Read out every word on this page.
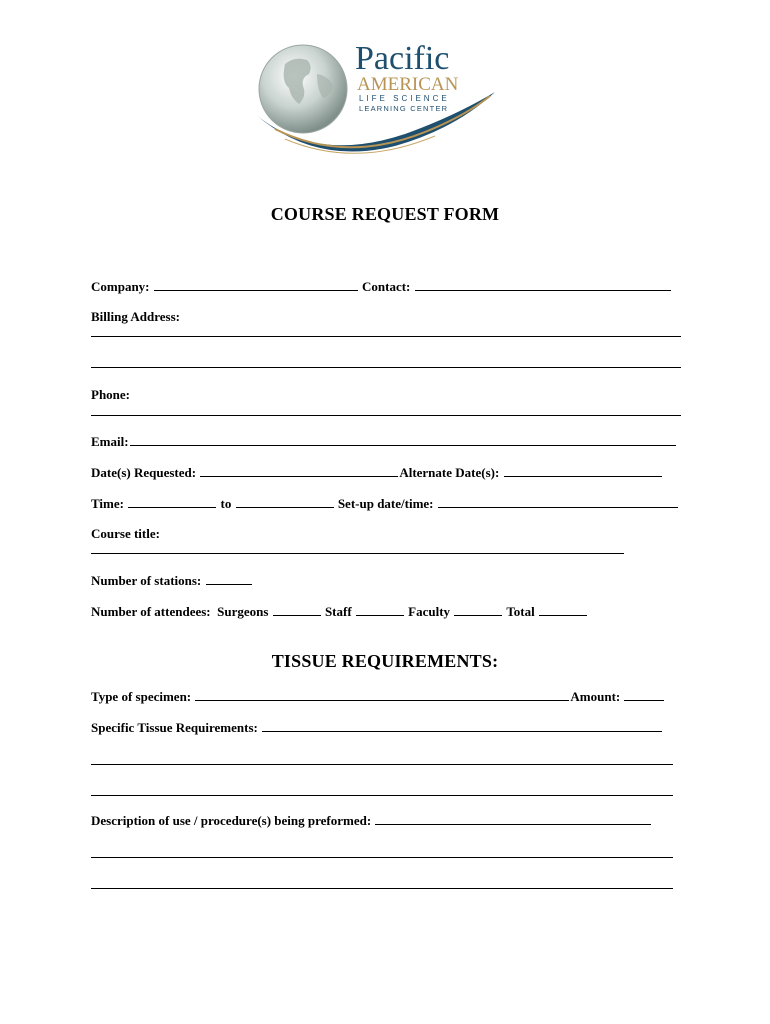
Pacific
AMERICAN
LIFE SCIENCE
LEARNING CENTER
COURSE REQUEST FORM
Company:	Contact:
Billing Address:
Phone:
Email:
Date(s) Requested:	Alternate Date(s):
Time:	to	Set-up date/time:
Course title:
Number of stations:
Number of attendees: Surgeons	Staff	Faculty	Total
TISSUE REQUIREMENTS:
Type of specimen:	Amount:
Specific Tissue Requirements:
Description of use / procedure(s) being preformed:
